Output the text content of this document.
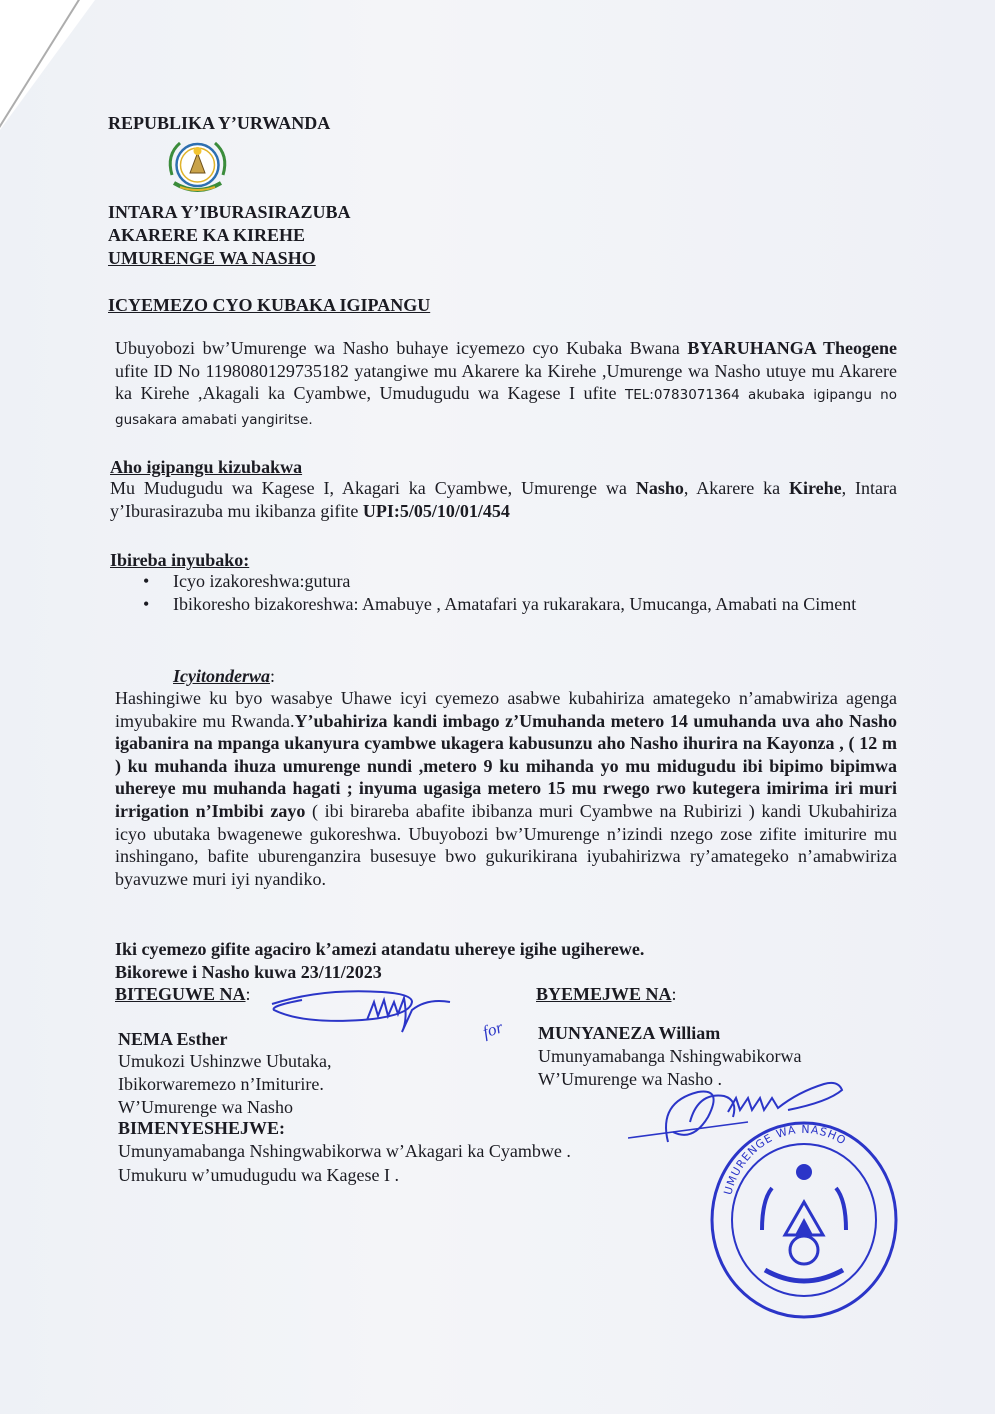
REPUBLIKA Y’URWANDA
INTARA Y’IBURASIRAZUBA
AKARERE KA KIREHE
UMURENGE WA NASHO
ICYEMEZO CYO KUBAKA IGIPANGU
Ubuyobozi bw’Umurenge wa Nasho buhaye icyemezo cyo Kubaka Bwana BYARUHANGA Theogene ufite ID No 1198080129735182 yatangiwe mu Akarere ka Kirehe ,Umurenge wa Nasho utuye mu Akarere ka Kirehe ,Akagali ka Cyambwe, Umudugudu wa Kagese I ufite TEL:0783071364 akubaka igipangu no gusakara amabati yangiritse.
Aho igipangu kizubakwa
Mu Mudugudu wa Kagese I, Akagari ka Cyambwe, Umurenge wa Nasho, Akarere ka Kirehe, Intara y’Iburasirazuba mu ikibanza gifite UPI:5/05/10/01/454
Ibireba inyubako:
• Icyo izakoreshwa:gutura
• Ibikoresho bizakoreshwa: Amabuye , Amatafari ya rukarakara, Umucanga, Amabati na Ciment
Icyitonderwa:
Hashingiwe ku byo wasabye Uhawe icyi cyemezo asabwe kubahiriza amategeko n’amabwiriza agenga imyubakire mu Rwanda.Y’ubahiriza kandi imbago z’Umuhanda metero 14 umuhanda uva aho Nasho igabanira na mpanga ukanyura cyambwe ukagera kabusunzu aho Nasho ihurira na Kayonza , ( 12 m ) ku muhanda ihuza umurenge nundi ,metero 9 ku mihanda yo mu midugudu ibi bipimo bipimwa uhereye mu muhanda hagati ; inyuma ugasiga metero 15 mu rwego rwo kutegera imirima iri muri irrigation n’Imbibi zayo ( ibi birareba abafite ibibanza muri Cyambwe na Rubirizi ) kandi Ukubahiriza icyo ubutaka bwagenewe gukoreshwa. Ubuyobozi bw’Umurenge n’izindi nzego zose zifite imiturire mu inshingano, bafite uburenganzira busesuye bwo gukurikirana iyubahirizwa ry’amategeko n’amabwiriza byavuzwe muri iyi nyandiko.
Iki cyemezo gifite agaciro k’amezi atandatu uhereye igihe ugiherewe.
Bikorewe i Nasho kuwa 23/11/2023
BITEGUWE NA:
NEMA Esther
Umukozi Ushinzwe Ubutaka,
Ibikorwaremezo n’Imiturire.
W’Umurenge wa Nasho
BYEMEJWE NA:
MUNYANEZA William
Umunyamabanga Nshingwabikorwa
W’Umurenge wa Nasho .
BIMENYESHEJWE:
Umunyamabanga Nshingwabikorwa w’Akagari ka Cyambwe .
Umukuru w’umudugudu wa Kagese I .
for
UMURENGE WA NASHO
